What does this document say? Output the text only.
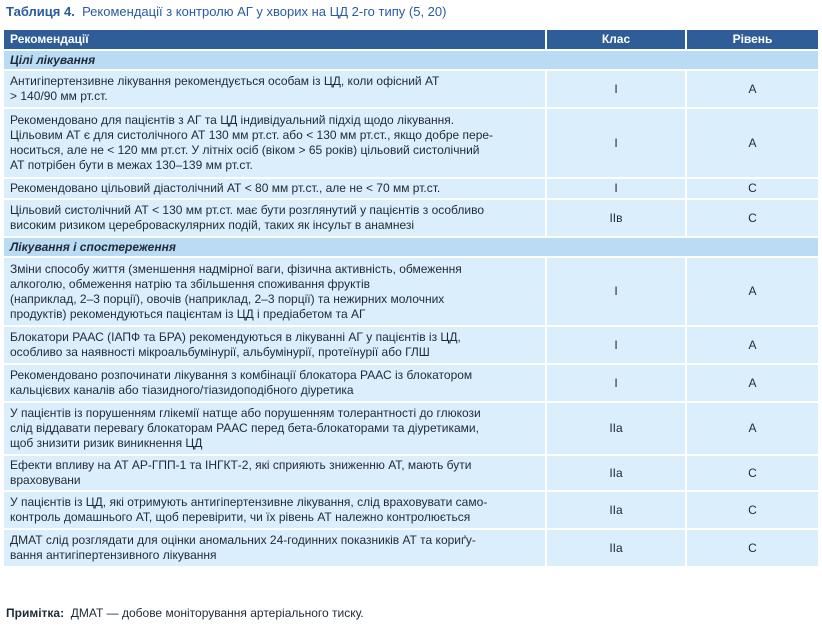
Таблиця 4. Рекомендації з контролю АГ у хворих на ЦД 2-го типу (5, 20)
Рекомендації	Клас	Рівень
Цілі лікування		

Антигіпертензивне лікування рекомендується особам із ЦД, коли офісний АТ
> 140/90 мм рт.ст.	I	A

Рекомендовано для пацієнтів з АГ та ЦД індивідуальний підхід щодо лікування.
Цільовим АТ є для систолічного АТ 130 мм рт.ст. або < 130 мм рт.ст., якщо добре пере-
носиться, але не < 120 мм рт.ст. У літніх осіб (віком > 65 років) цільовий систолічний
АТ потрібен бути в межах 130–139 мм рт.ст.	I	A

Рекомендовано цільовий діастолічний АТ < 80 мм рт.ст., але не < 70 мм рт.ст.	I	C

Цільовий систолічний АТ < 130 мм рт.ст. має бути розглянутий у пацієнтів з особливо
високим ризиком цереброваскулярних подій, таких як інсульт в анамнезі	IIв	C
Лікування і спостереження		

Зміни способу життя (зменшення надмірної ваги, фізична активність, обмеження
алкоголю, обмеження натрію та збільшення споживання фруктів
(наприклад, 2–3 порції), овочів (наприклад, 2–3 порції) та нежирних молочних
продуктів) рекомендуються пацієнтам із ЦД і предіабетом та АГ	I	A

Блокатори РААС (ІАПФ та БРА) рекомендуються в лікуванні АГ у пацієнтів із ЦД,
особливо за наявності мікроальбумінурії, альбумінурії, протеїнурії або ГЛШ	I	A

Рекомендовано розпочинати лікування з комбінації блокатора РААС із блокатором
кальцієвих каналів або тіазидного/тіазидоподібного діуретика	I	A

У пацієнтів із порушенням глікемії натще або порушенням толерантності до глюкози
слід віддавати перевагу блокаторам РААС перед бета-блокаторами та діуретиками,
щоб знизити ризик виникнення ЦД	IIa	A

Ефекти впливу на АТ АР-ГПП-1 та ІНГКТ-2, які сприяють зниженню АТ, мають бути
враховувани	IIa	C

У пацієнтів із ЦД, які отримують антигіпертензивне лікування, слід враховувати само-
контроль домашнього АТ, щоб перевірити, чи їх рівень АТ належно контролюється	IIa	C

ДМАТ слід розглядати для оцінки аномальних 24-годинних показників АТ та кориґу-
вання антигіпертензивного лікування	IIa	C
Примітка: ДМАТ — добове моніторування артеріального тиску.
